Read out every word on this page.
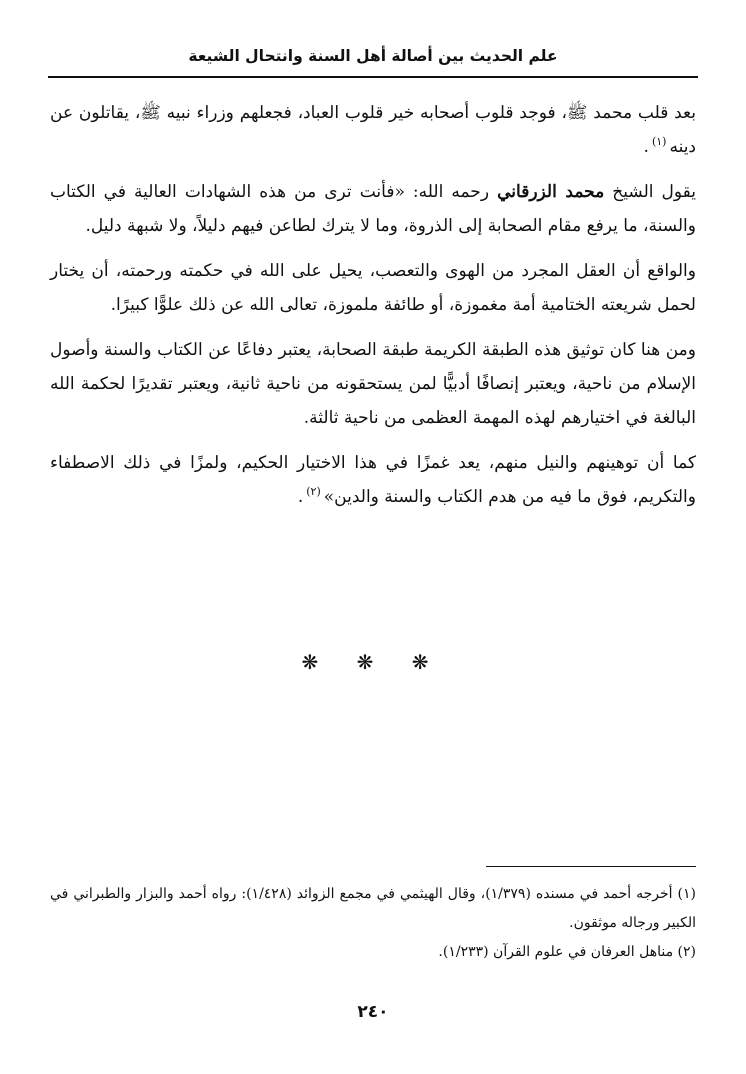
علم الحديث بين أصالة أهل السنة وانتحال الشيعة

بعد قلب محمد ﷺ، فوجد قلوب أصحابه خير قلوب العباد، فجعلهم وزراء نبيه ﷺ، يقاتلون عن دينه$^{(١)}$.

يقول الشيخ محمد الزرقاني رحمه الله: «فأنت ترى من هذه الشهادات العالية في الكتاب والسنة، ما يرفع مقام الصحابة إلى الذروة، وما لا يترك لطاعن فيهم دليلاً، ولا شبهة دليل.

والواقع أن العقل المجرد من الهوى والتعصب، يحيل على الله في حكمته ورحمته، أن يختار لحمل شريعته الختامية أمة مغموزة، أو طائفة ملموزة، تعالى الله عن ذلك علوًّا كبيرًا.

ومن هنا كان توثيق هذه الطبقة الكريمة طبقة الصحابة، يعتبر دفاعًا عن الكتاب والسنة وأصول الإسلام من ناحية، ويعتبر إنصافًا أدبيًّا لمن يستحقونه من ناحية ثانية، ويعتبر تقديرًا لحكمة الله البالغة في اختيارهم لهذه المهمة العظمى من ناحية ثالثة.

كما أن توهينهم والنيل منهم، يعد غمزًا في هذا الاختيار الحكيم، ولمزًا في ذلك الاصطفاء والتكريم، فوق ما فيه من هدم الكتاب والسنة والدين»$^{(٢)}$.

❋ ❋ ❋

(١) أخرجه أحمد في مسنده (١/٣٧٩)، وقال الهيثمي في مجمع الزوائد (١/٤٢٨): رواه أحمد والبزار والطبراني في الكبير ورجاله موثقون.

(٢) مناهل العرفان في علوم القرآن (١/٢٣٣).

٢٤٠
